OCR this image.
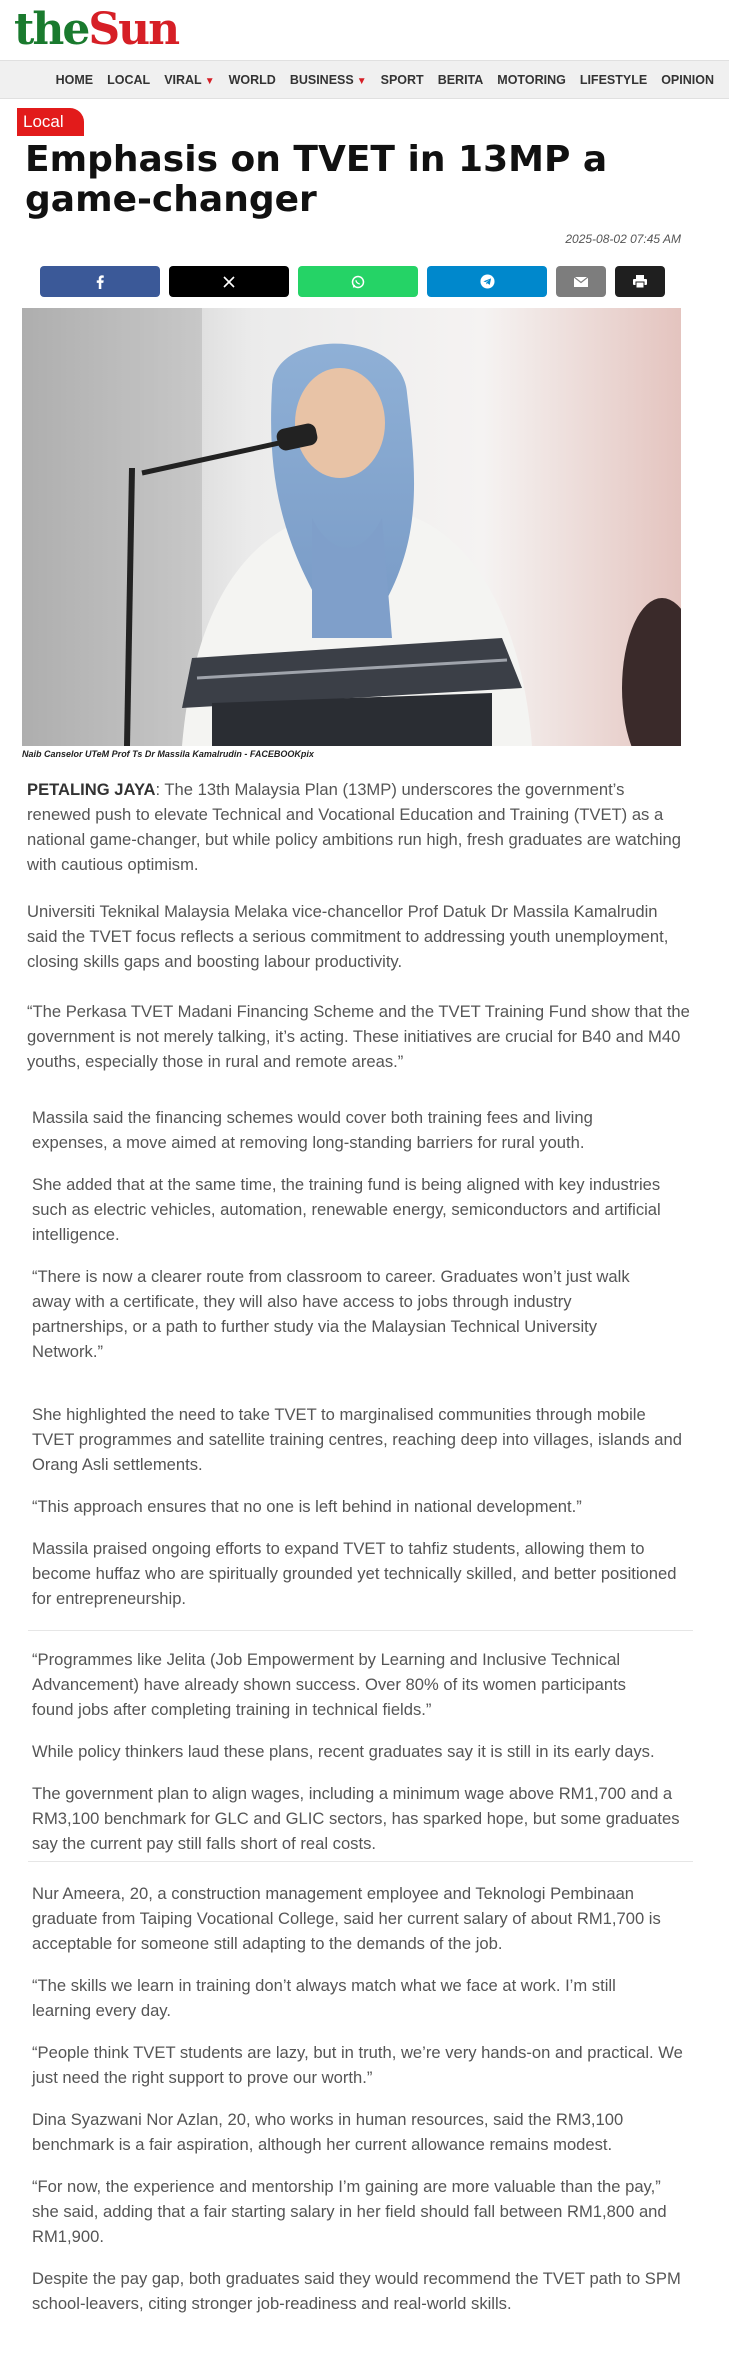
theSun
HOME	LOCAL	VIRAL ▼	WORLD	BUSINESS ▼	SPORT	BERITA	MOTORING	LIFESTYLE	OPINION
Local
Emphasis on TVET in 13MP a game-changer
2025-08-02 07:45 AM
Naib Canselor UTeM Prof Ts Dr Massila Kamalrudin - FACEBOOKpix

PETALING JAYA: The 13th Malaysia Plan (13MP) underscores the government’s renewed push to elevate Technical and Vocational Education and Training (TVET) as a national game-changer, but while policy ambitions run high, fresh graduates are watching with cautious optimism.

Universiti Teknikal Malaysia Melaka vice-chancellor Prof Datuk Dr Massila Kamalrudin said the TVET focus reflects a serious commitment to addressing youth unemployment, closing skills gaps and boosting labour productivity.

“The Perkasa TVET Madani Financing Scheme and the TVET Training Fund show that the government is not merely talking, it’s acting. These initiatives are crucial for B40 and M40 youths, especially those in rural and remote areas.”

Massila said the financing schemes would cover both training fees and living expenses, a move aimed at removing long-standing barriers for rural youth.

She added that at the same time, the training fund is being aligned with key industries such as electric vehicles, automation, renewable energy, semiconductors and artificial intelligence.

“There is now a clearer route from classroom to career. Graduates won’t just walk away with a certificate, they will also have access to jobs through industry partnerships, or a path to further study via the Malaysian Technical University Network.”

She highlighted the need to take TVET to marginalised communities through mobile TVET programmes and satellite training centres, reaching deep into villages, islands and Orang Asli settlements.

“This approach ensures that no one is left behind in national development.”

Massila praised ongoing efforts to expand TVET to tahfiz students, allowing them to become huffaz who are spiritually grounded yet technically skilled, and better positioned for entrepreneurship.

“Programmes like Jelita (Job Empowerment by Learning and Inclusive Technical Advancement) have already shown success. Over 80% of its women participants found jobs after completing training in technical fields.”

While policy thinkers laud these plans, recent graduates say it is still in its early days.

The government plan to align wages, including a minimum wage above RM1,700 and a RM3,100 benchmark for GLC and GLIC sectors, has sparked hope, but some graduates say the current pay still falls short of real costs.

Nur Ameera, 20, a construction management employee and Teknologi Pembinaan graduate from Taiping Vocational College, said her current salary of about RM1,700 is acceptable for someone still adapting to the demands of the job.

“The skills we learn in training don’t always match what we face at work. I’m still learning every day.

“People think TVET students are lazy, but in truth, we’re very hands-on and practical. We just need the right support to prove our worth.”

Dina Syazwani Nor Azlan, 20, who works in human resources, said the RM3,100 benchmark is a fair aspiration, although her current allowance remains modest.

“For now, the experience and mentorship I’m gaining are more valuable than the pay,” she said, adding that a fair starting salary in her field should fall between RM1,800 and RM1,900.

Despite the pay gap, both graduates said they would recommend the TVET path to SPM school-leavers, citing stronger job-readiness and real-world skills.
